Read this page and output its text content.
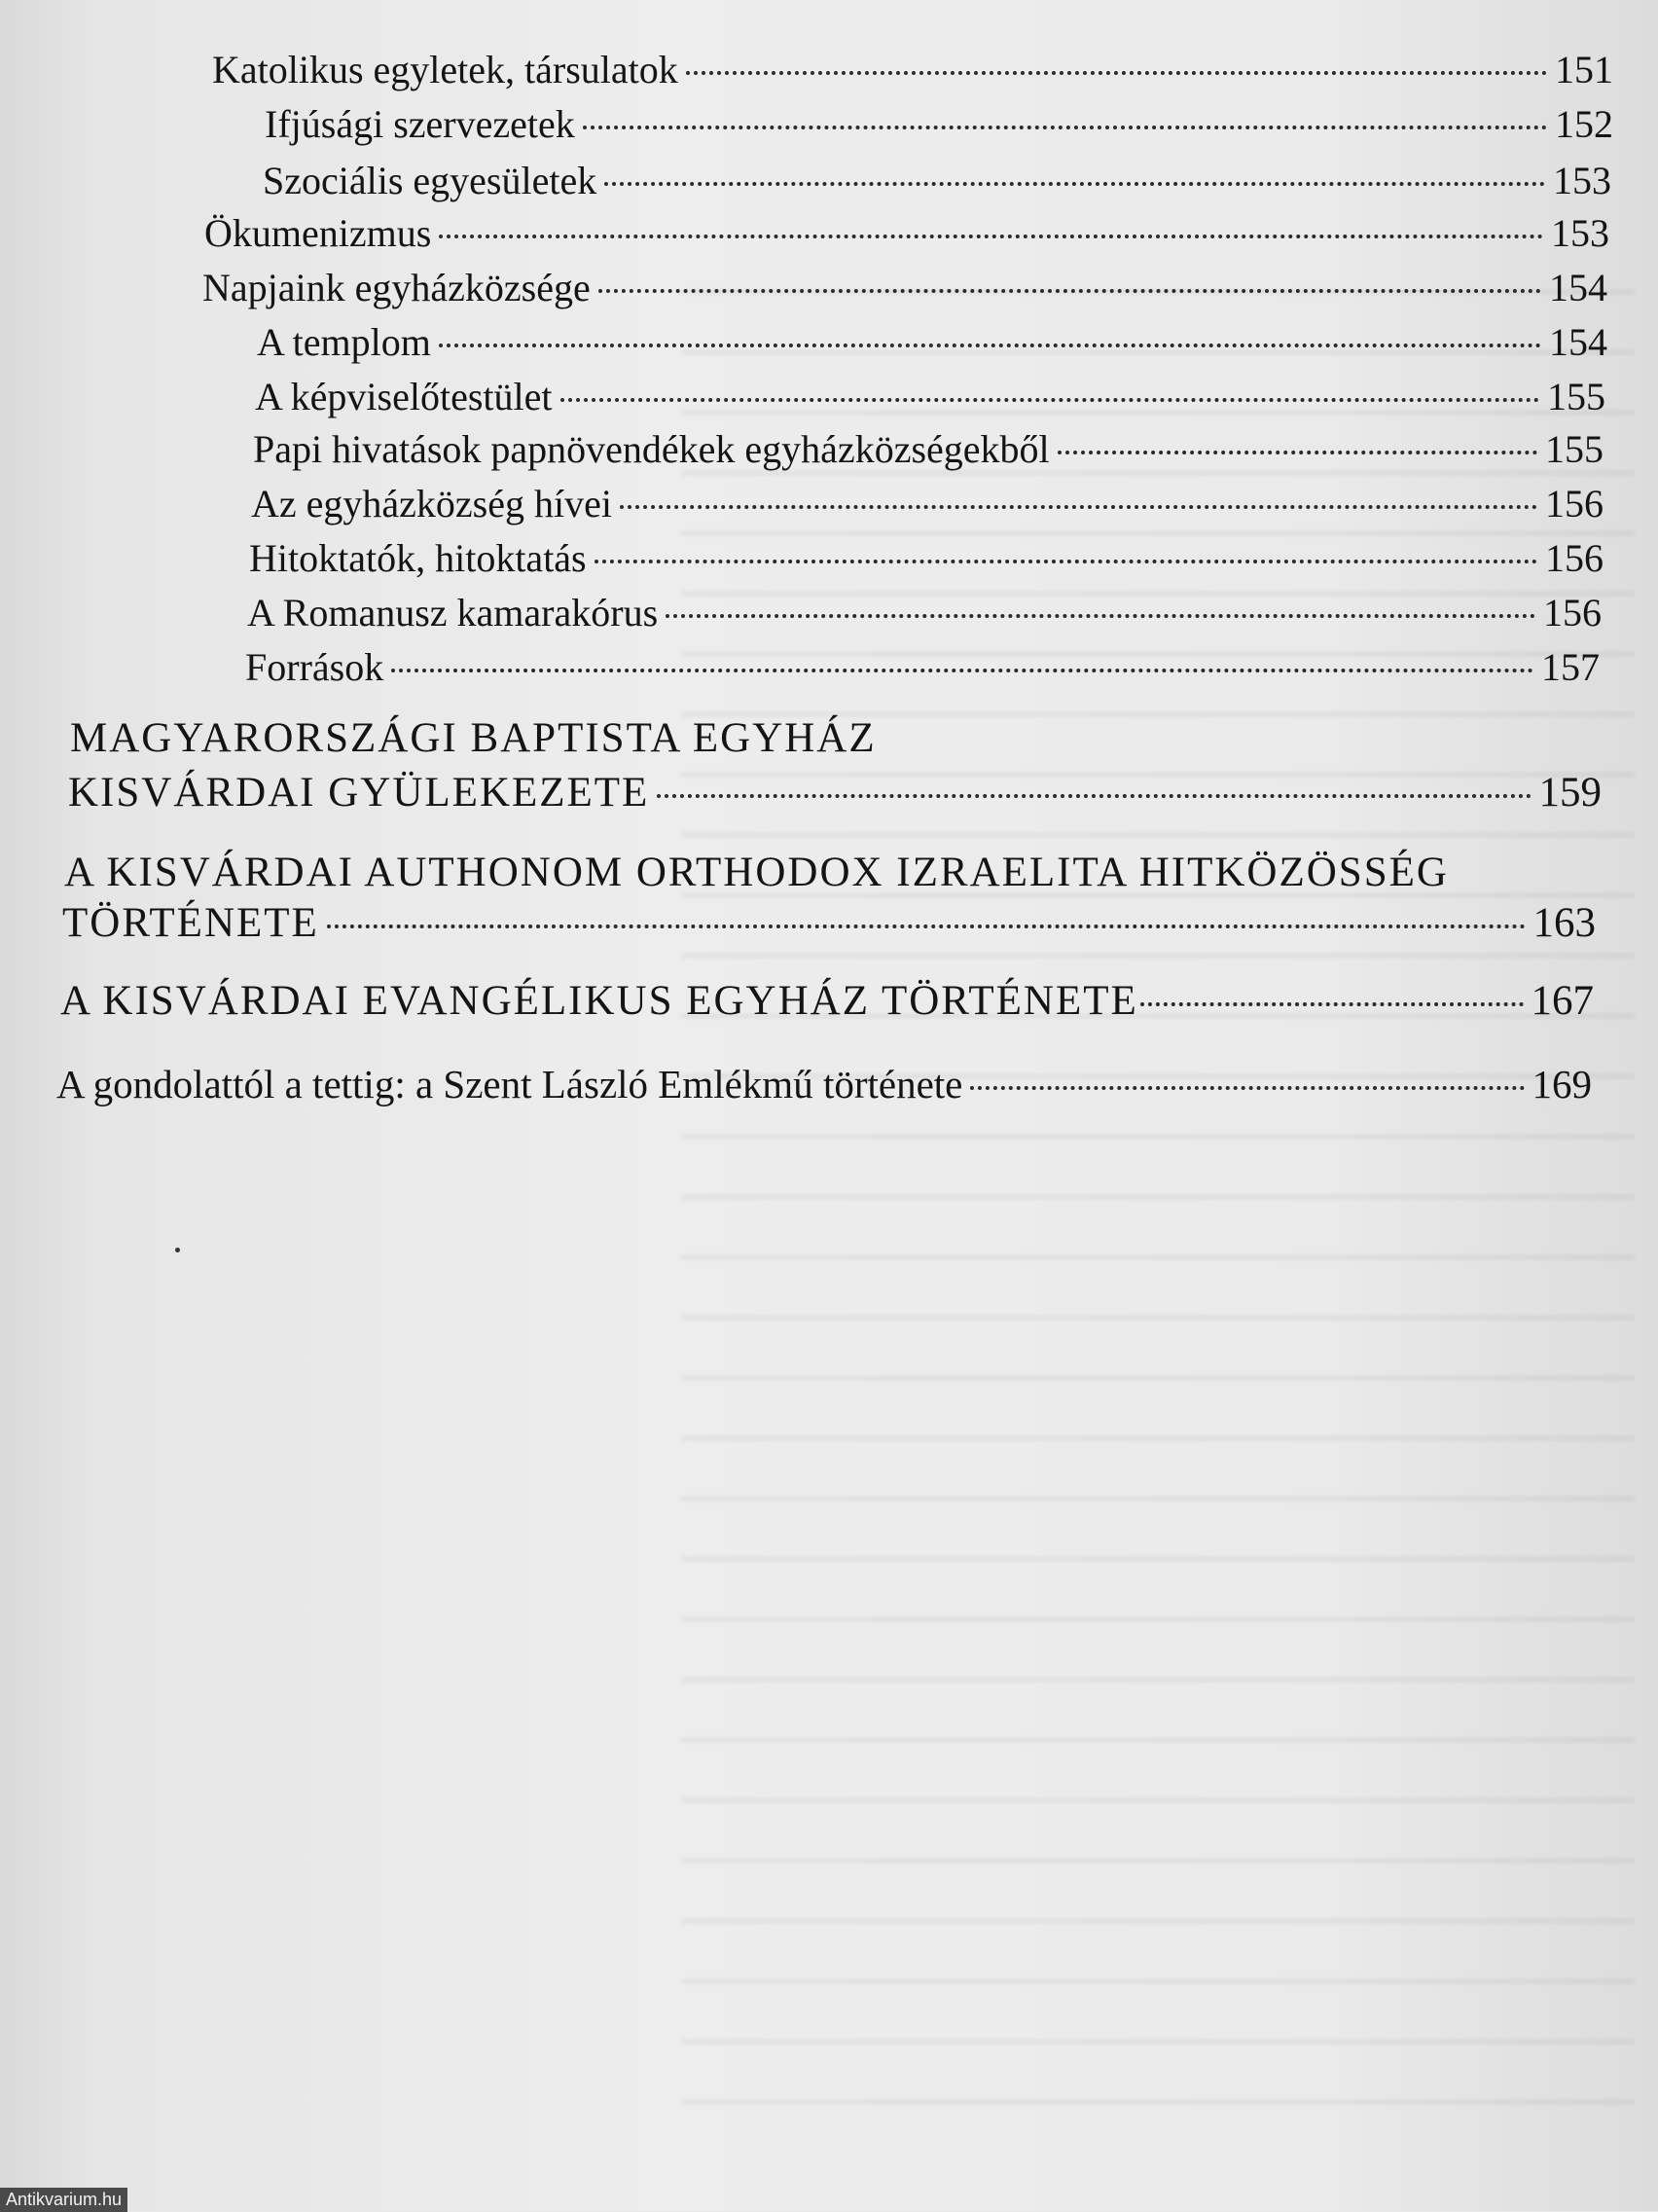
Katolikus egyletek, társulatok	151
Ifjúsági szervezetek	152
Szociális egyesületek	153
Ökumenizmus	153
Napjaink egyházközsége	154
A templom	154
A képviselőtestület	155
Papi hivatások papnövendékek egyházközségekből	155
Az egyházközség hívei	156
Hitoktatók, hitoktatás	156
A Romanusz kamarakórus	156
Források	157
MAGYARORSZÁGI BAPTISTA EGYHÁZ
KISVÁRDAI GYÜLEKEZETE	159
A KISVÁRDAI AUTHONOM ORTHODOX IZRAELITA HITKÖZÖSSÉG
TÖRTÉNETE	163
A KISVÁRDAI EVANGÉLIKUS EGYHÁZ TÖRTÉNETE	167
A gondolattól a tettig: a Szent László Emlékmű története	169
Antikvarium.hu
